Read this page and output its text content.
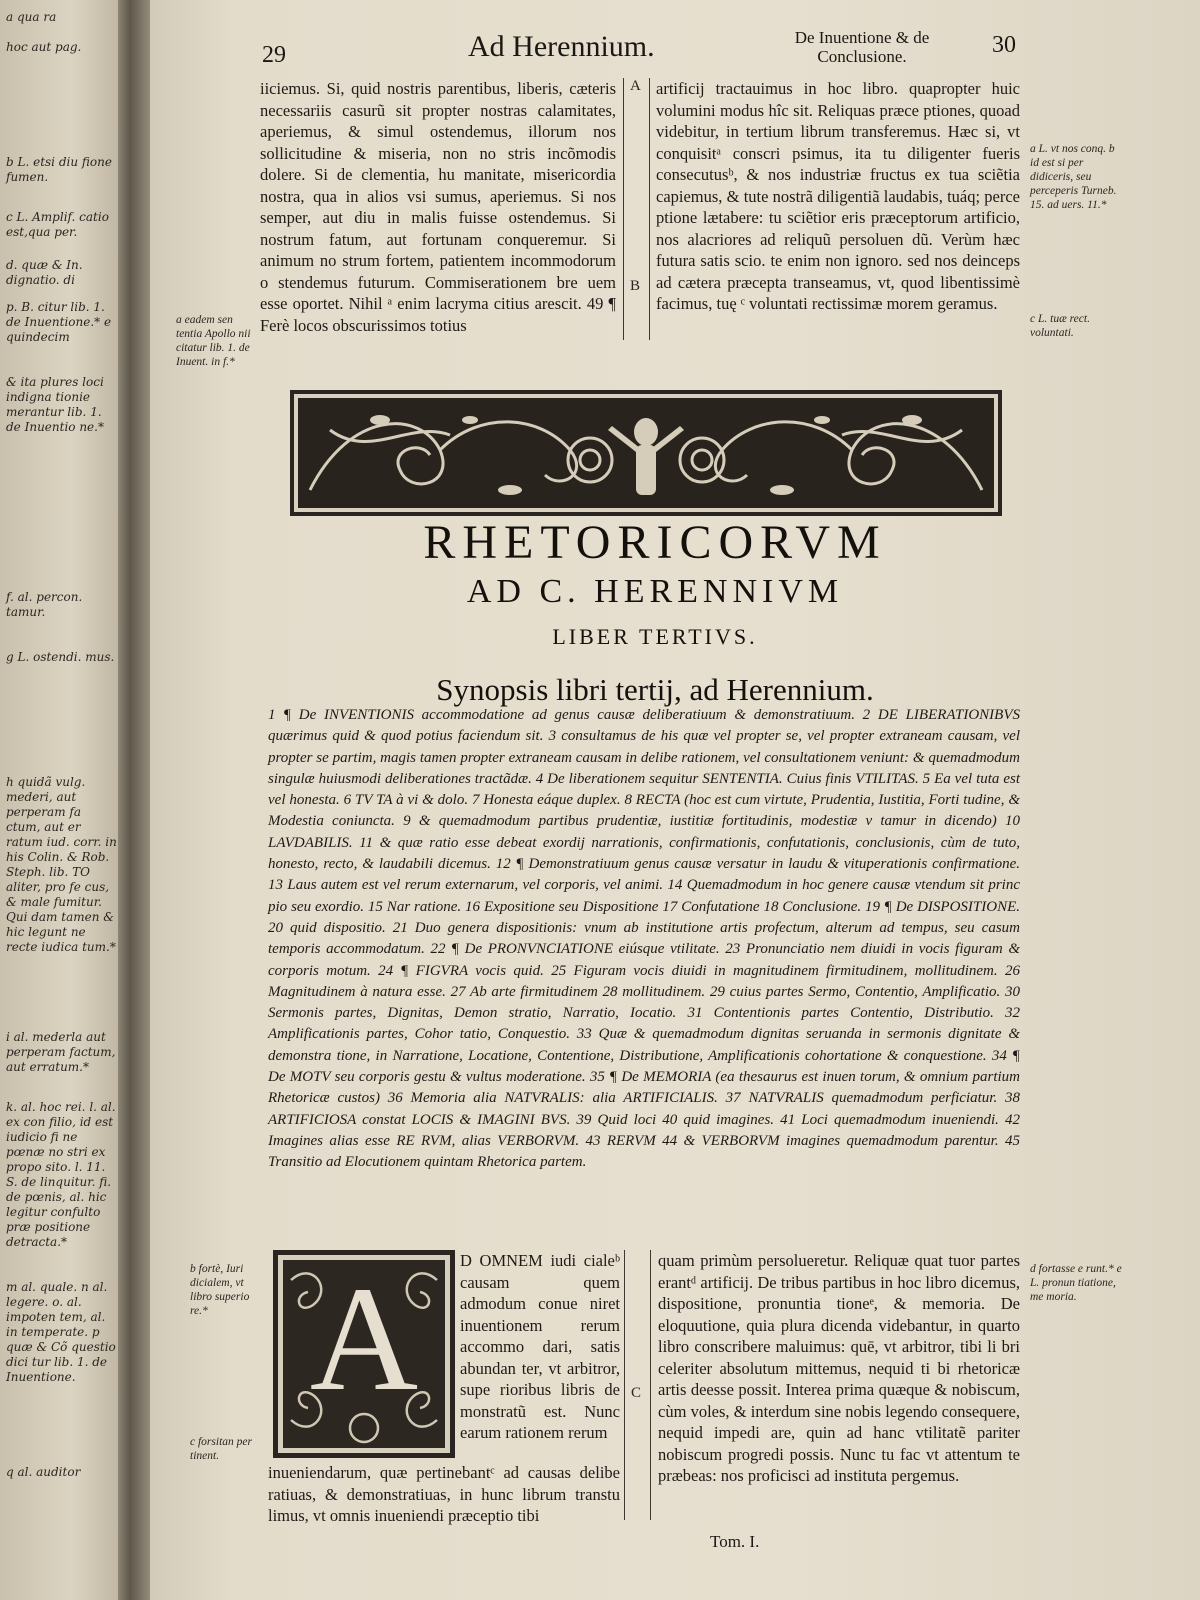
a qua ra
hoc aut pag.
b L. etsi diu fione fumen.
c L. Amplif. catio est,qua per.
d. quæ & In. dignatio. di
p. B. citur lib. 1. de Inuentione.* e quindecim
& ita plures loci indigna tionie merantur lib. 1. de Inuentio ne.*
f. al. percon. tamur.
g L. ostendi. mus.
h quidã vulg. mederi, aut perperam fa ctum, aut er ratum iud. corr. in his Colin. & Rob. Steph. lib. TO aliter, pro fe cus, & male fumitur. Qui dam tamen & hic legunt ne recte iudica tum.*
i al. mederla aut perperam factum, aut erratum.*
k. al. hoc rei. l. al. ex con filio, id est iudicio fi ne pœnæ no stri ex propo sito. l. 11. S. de linquitur. fi. de pœnis, al. hic legitur confulto præ positione detracta.*
m al. quale. n al. legere. o. al. impoten tem, al. in temperate. p quæ & Cõ questio dici tur lib. 1. de Inuentione.
q al. auditor
29	Ad Herennium.	De Inuentione & de Conclusione.	30

iiciemus. Si, quid nostris parentibus, liberis, cæteris necessariis casurũ sit propter nostras calamitates, aperiemus, & simul ostendemus, illorum nos sollicitudine & miseria, non no stris incõmodis dolere. Si de clementia, hu manitate, misericordia nostra, qua in alios vsi sumus, aperiemus. Si nos semper, aut diu in malis fuisse ostendemus. Si nostrum fatum, aut fortunam conqueremur. Si animum no strum fortem, patientem incommodorum o stendemus futurum. Commiserationem bre uem esse oportet. Nihil ᵃ enim lacryma citius arescit. 49 ¶ Ferè locos obscurissimos totius

A
B

artificij tractauimus in hoc libro. quapropter huic volumini modus hîc sit. Reliquas præce ptiones, quoad videbitur, in tertium librum transferemus. Hæc si, vt conquisitᵃ conscri psimus, ita tu diligenter fueris consecutusᵇ, & nos industriæ fructus ex tua sciẽtia capiemus, & tute nostrã diligentiã laudabis, tuáq; perce ptione lætabere: tu sciẽtior eris præceptorum artificio, nos alacriores ad reliquũ persoluen dũ. Verùm hæc futura satis scio. te enim non ignoro. sed nos deinceps ad cætera præcepta transeamus, vt, quod libentissimè facimus, tuę ᶜ voluntati rectissimæ morem geramus.

a eadem sen tentia Apollo nii citatur lib. 1. de Inuent. in f.*
a L. vt nos conq. b id est si per didiceris, seu perceperis Turneb. 15. ad uers. 11.*
c L. tuæ rect. voluntati.
RHETORICORVM
AD C. HERENNIVM
LIBER TERTIVS.
Synopsis libri tertij, ad Herennium.

1 ¶ De INVENTIONIS accommodatione ad genus causæ deliberatiuum & demonstratiuum. 2 DE LIBERATIONIBVS quærimus quid & quod potius faciendum sit. 3 consultamus de his quæ vel propter se, vel propter extraneam causam, vel propter se partim, magis tamen propter extraneam causam in delibe rationem, vel consultationem veniunt: & quemadmodum singulæ huiusmodi deliberationes tractãdæ. 4 De liberationem sequitur SENTENTIA. Cuius finis VTILITAS. 5 Ea vel tuta est vel honesta. 6 TV TA à vi & dolo. 7 Honesta eáque duplex. 8 RECTA (hoc est cum virtute, Prudentia, Iustitia, Forti tudine, & Modestia coniuncta. 9 & quemadmodum partibus prudentiæ, iustitiæ fortitudinis, modestiæ v tamur in dicendo) 10 LAVDABILIS. 11 & quæ ratio esse debeat exordij narrationis, confirmationis, confutationis, conclusionis, cùm de tuto, honesto, recto, & laudabili dicemus. 12 ¶ Demonstratiuum genus causæ versatur in laudu & vituperationis confirmatione. 13 Laus autem est vel rerum externarum, vel corporis, vel animi. 14 Quemadmodum in hoc genere causæ vtendum sit princ pio seu exordio. 15 Nar ratione. 16 Expositione seu Dispositione 17 Confutatione 18 Conclusione. 19 ¶ De DISPOSITIONE. 20 quid dispositio. 21 Duo genera dispositionis: vnum ab institutione artis profectum, alterum ad tempus, seu casum temporis accommodatum. 22 ¶ De PRONVNCIATIONE eiúsque vtilitate. 23 Pronunciatio nem diuidi in vocis figuram & corporis motum. 24 ¶ FIGVRA vocis quid. 25 Figuram vocis diuidi in magnitudinem firmitudinem, mollitudinem. 26 Magnitudinem à natura esse. 27 Ab arte firmitudinem 28 mollitudinem. 29 cuius partes Sermo, Contentio, Amplificatio. 30 Sermonis partes, Dignitas, Demon stratio, Narratio, Iocatio. 31 Contentionis partes Contentio, Distributio. 32 Amplificationis partes, Cohor tatio, Conquestio. 33 Quæ & quemadmodum dignitas seruanda in sermonis dignitate & demonstra tione, in Narratione, Locatione, Contentione, Distributione, Amplificationis cohortatione & conquestione. 34 ¶ De MOTV seu corporis gestu & vultus moderatione. 35 ¶ De MEMORIA (ea thesaurus est inuen torum, & omnium partium Rhetoricæ custos) 36 Memoria alia NATVRALIS: alia ARTIFICIALIS. 37 NATVRALIS quemadmodum perficiatur. 38 ARTIFICIOSA constat LOCIS & IMAGINI BVS. 39 Quid loci 40 quid imagines. 41 Loci quemadmodum inueniendi. 42 Imagines alias esse RE RVM, alias VERBORVM. 43 RERVM 44 & VERBORVM imagines quemadmodum parentur. 45 Transitio ad Elocutionem quintam Rhetorica partem.

A	D OMNEM iudi cialeᵇ causam quem admodum conue niret inuentionem rerum accommo dari, satis abundan ter, vt arbitror, supe rioribus libris de monstratũ est. Nunc earum rationem rerum

inueniendarum, quæ pertinebantᶜ ad causas delibe ratiuas, & demonstratiuas, in hunc librum transtu limus, vt omnis inueniendi præceptio tibi

C

quam primùm persolueretur. Reliquæ quat tuor partes erantᵈ artificij. De tribus partibus in hoc libro dicemus, dispositione, pronuntia tioneᵉ, & memoria. De eloquutione, quia plura dicenda videbantur, in quarto libro conscribere maluimus: quē, vt arbitror, tibi li bri celeriter absolutum mittemus, nequid ti bi rhetoricæ artis deesse possit. Interea prima quæque & nobiscum, cùm voles, & interdum sine nobis legendo consequere, nequid impedi are, quin ad hanc vtilitatẽ pariter nobiscum progredi possis. Nunc tu fac vt attentum te præbeas: nos proficisci ad instituta pergemus.

b fortè, Iuri dicialem, vt libro superio re.*
c forsitan per tinent.
d fortasse e runt.* e L. pronun tiatione, me moria.
Tom. I.
